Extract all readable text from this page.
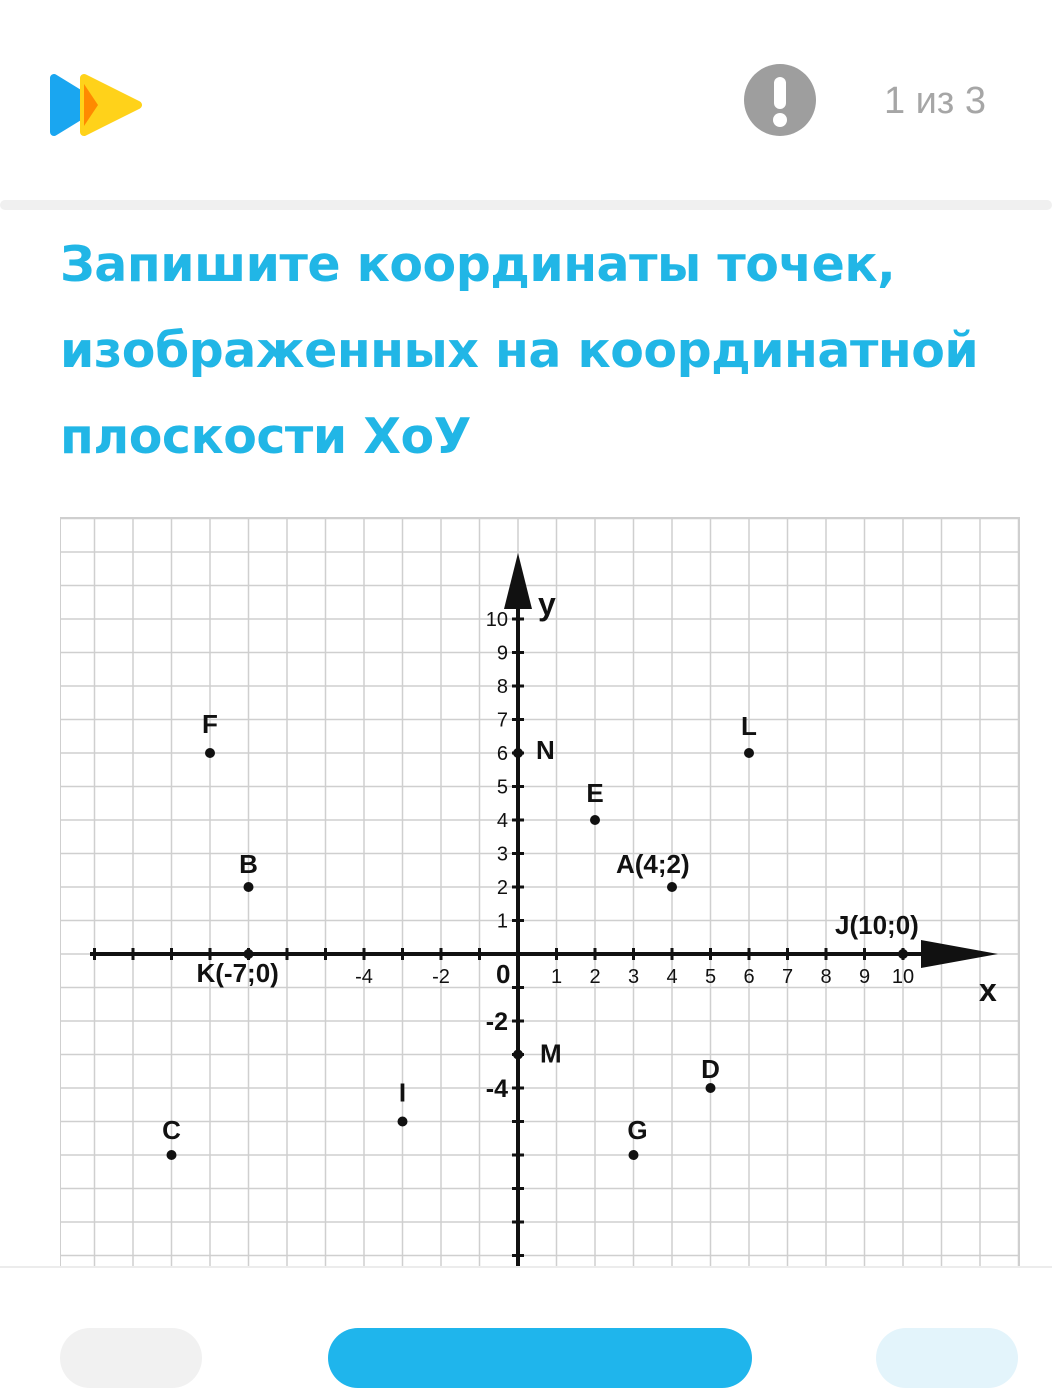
1 из 3
Запишите координаты точек,
изображенных на координатной
плоскости ХоУ
x
y
-4	-2 0 1 2 3 4 5 6 7 8 9 10
1
2
3
4
5
6
7
8
9
10
-2
-4
F
B
K(-7;0)
C
I
N
M
E
A(4;2)
L
J(10;0)
D
G
